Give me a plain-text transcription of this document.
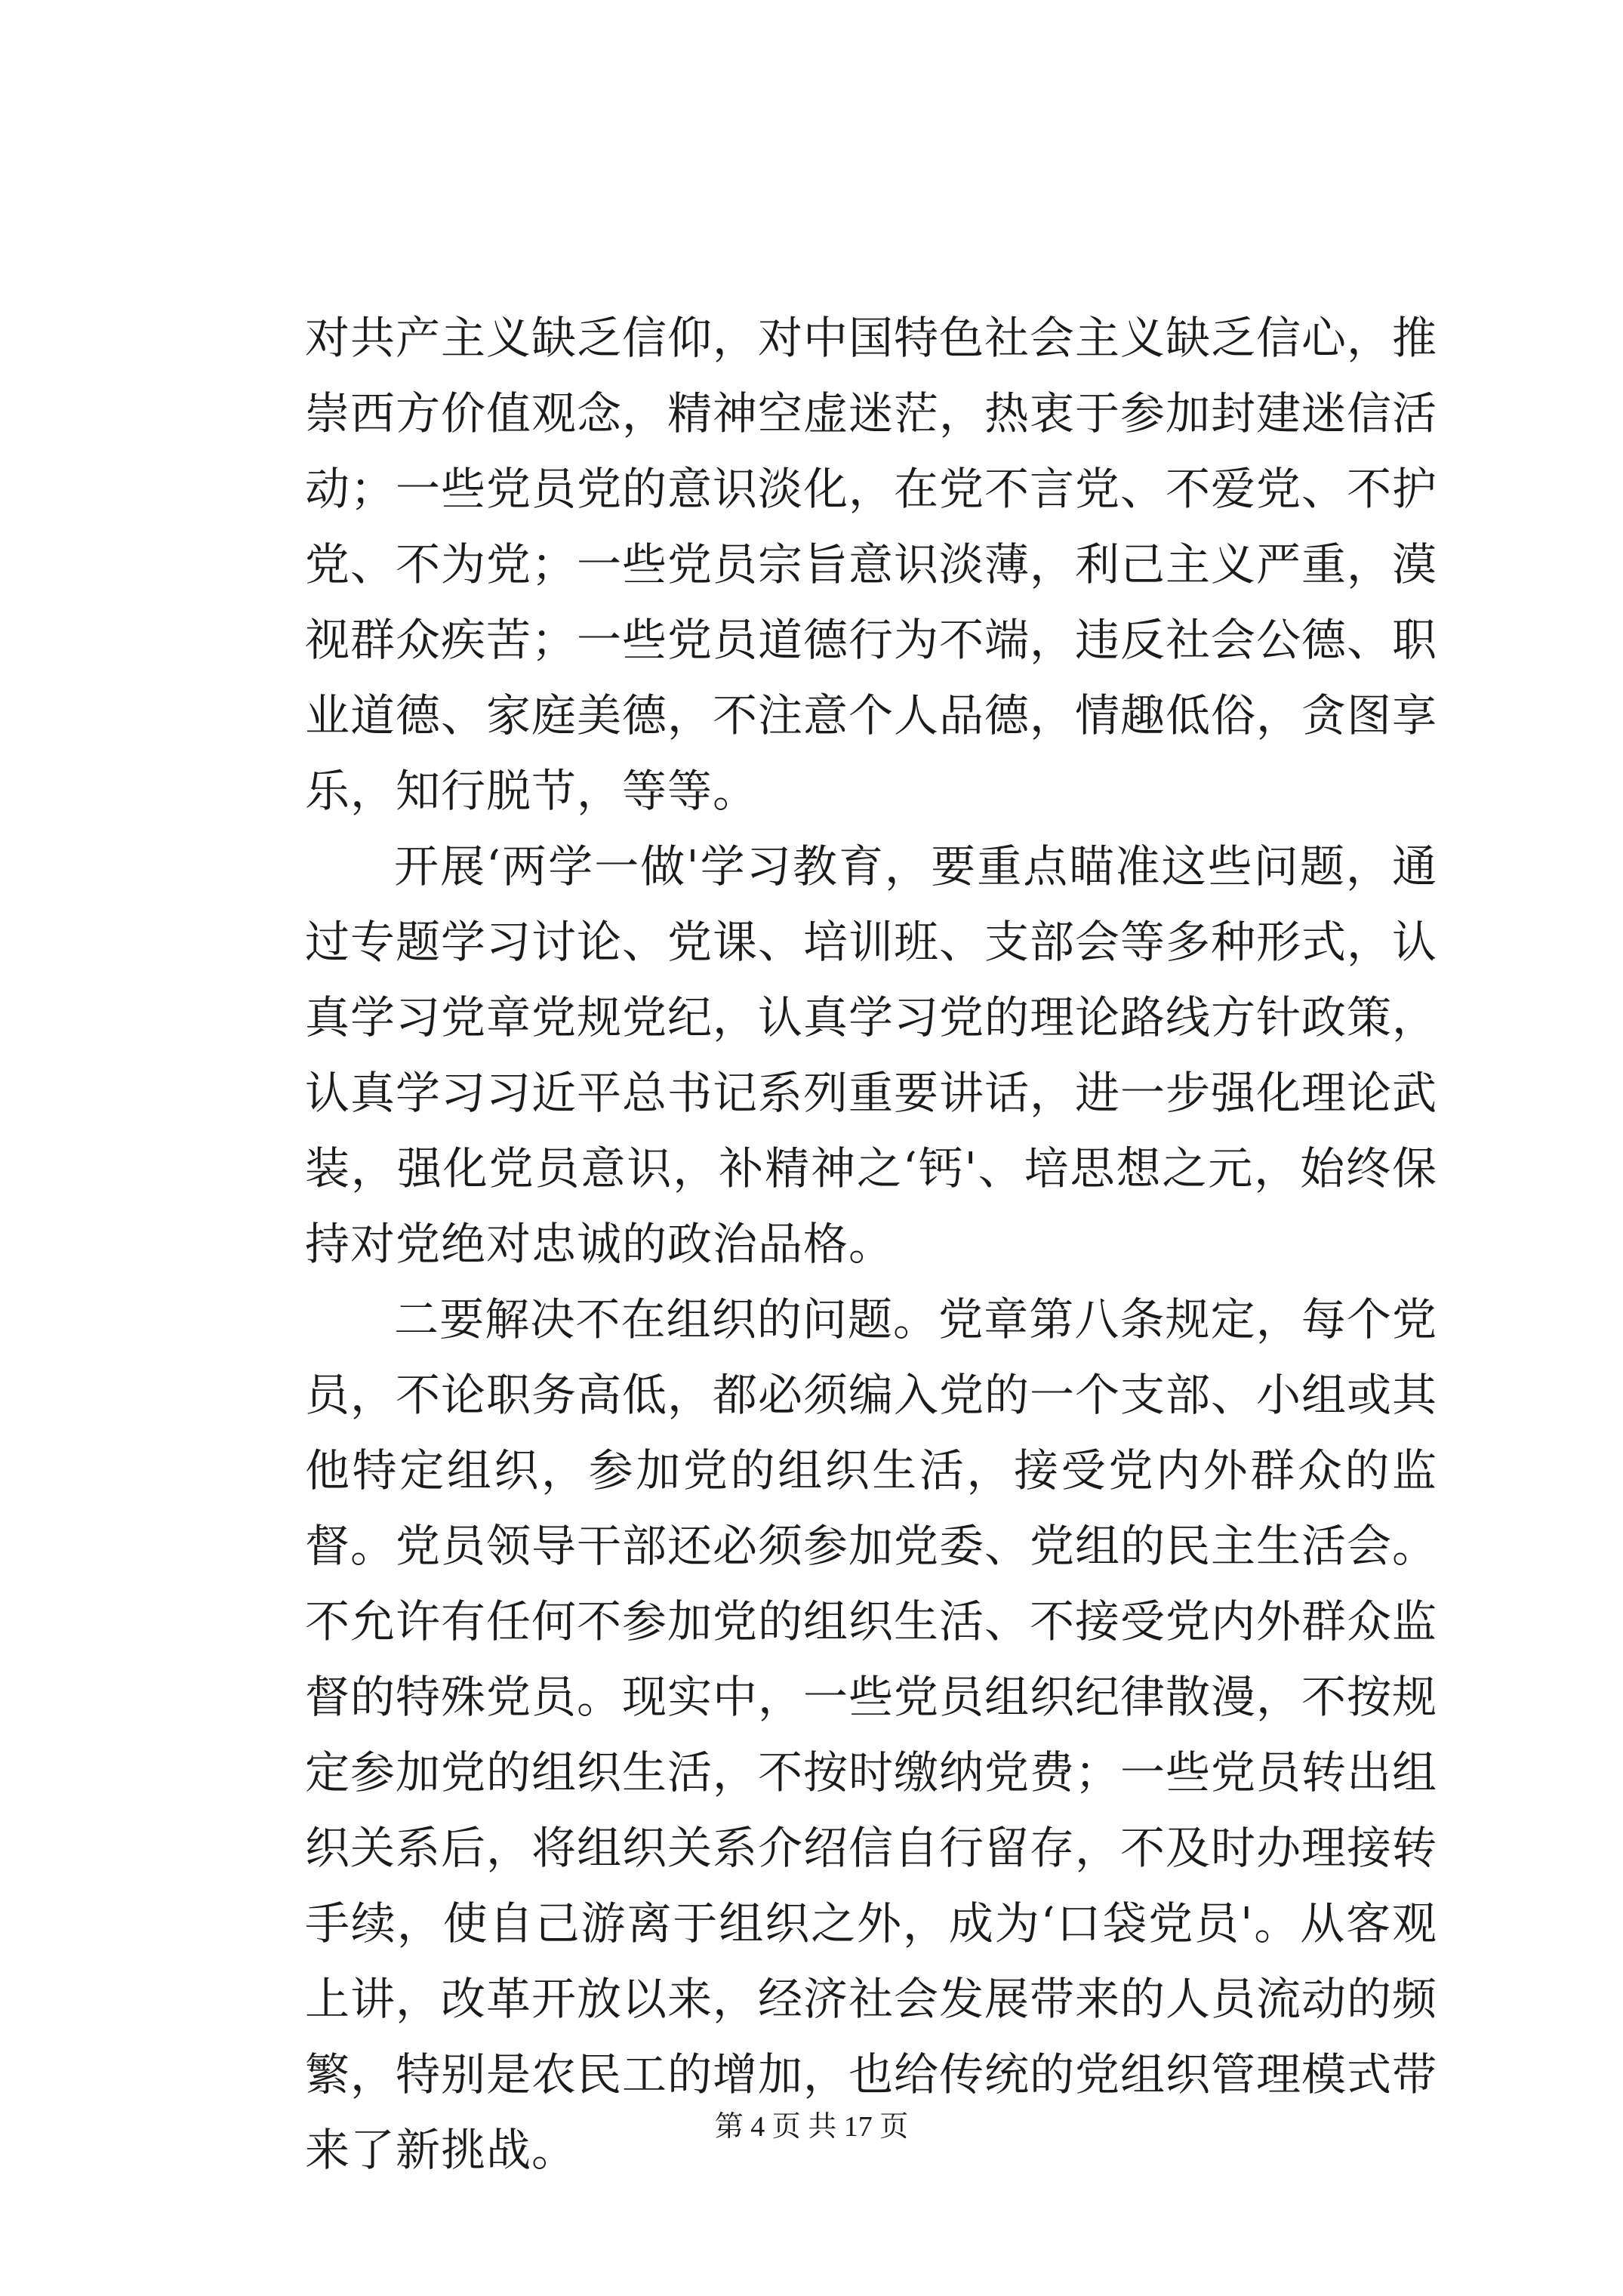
对共产主义缺乏信仰，对中国特色社会主义缺乏信心，推崇西方价值观念，精神空虚迷茫，热衷于参加封建迷信活动；一些党员党的意识淡化，在党不言党、不爱党、不护党、不为党；一些党员宗旨意识淡薄，利己主义严重，漠视群众疾苦；一些党员道德行为不端，违反社会公德、职业道德、家庭美德，不注意个人品德，情趣低俗，贪图享乐，知行脱节，等等。

开展‘两学一做'学习教育，要重点瞄准这些问题，通过专题学习讨论、党课、培训班、支部会等多种形式，认真学习党章党规党纪，认真学习党的理论路线方针政策，认真学习习近平总书记系列重要讲话，进一步强化理论武装，强化党员意识，补精神之‘钙'、培思想之元，始终保持对党绝对忠诚的政治品格。

二要解决不在组织的问题。党章第八条规定，每个党员，不论职务高低，都必须编入党的一个支部、小组或其他特定组织，参加党的组织生活，接受党内外群众的监督。党员领导干部还必须参加党委、党组的民主生活会。不允许有任何不参加党的组织生活、不接受党内外群众监督的特殊党员。现实中，一些党员组织纪律散漫，不按规定参加党的组织生活，不按时缴纳党费；一些党员转出组织关系后，将组织关系介绍信自行留存，不及时办理接转手续，使自己游离于组织之外，成为‘口袋党员'。从客观上讲，改革开放以来，经济社会发展带来的人员流动的频繁，特别是农民工的增加，也给传统的党组织管理模式带来了新挑战。	第 4 页 共 17 页
